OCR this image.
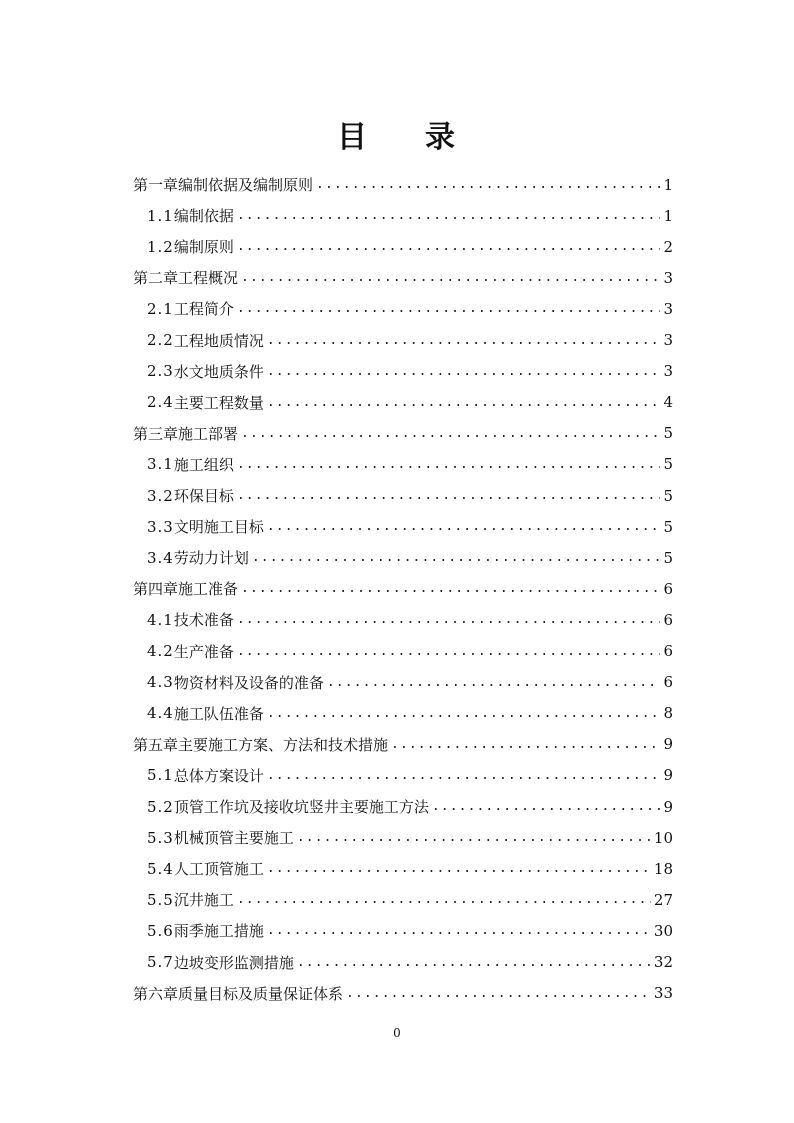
目 录
第一章 编制依据及编制原则 .....	1
1.1 编制依据 .....	1
1.2 编制原则 .....	2
第二章 工程概况 .....	3
2.1 工程简介 .....	3
2.2 工程地质情况 .....	3
2.3 水文地质条件 .....	3
2.4 主要工程数量 .....	4
第三章 施工部署 .....	5
3.1 施工组织 .....	5
3.2 环保目标 .....	5
3.3 文明施工目标 .....	5
3.4 劳动力计划 .....	5
第四章 施工准备 .....	6
4.1 技术准备 .....	6
4.2 生产准备 .....	6
4.3 物资材料及设备的准备 .....	6
4.4 施工队伍准备 .....	8
第五章 主要施工方案、方法和技术措施 .....	9
5.1 总体方案设计 .....	9
5.2 顶管工作坑及接收坑竖井主要施工方法 .....	9
5.3 机械顶管主要施工 .....	10
5.4 人工顶管施工 .....	18
5.5 沉井施工 .....	27
5.6 雨季施工措施 .....	30
5.7 边坡变形监测措施 .....	32
第六章 质量目标及质量保证体系 .....	33
0
